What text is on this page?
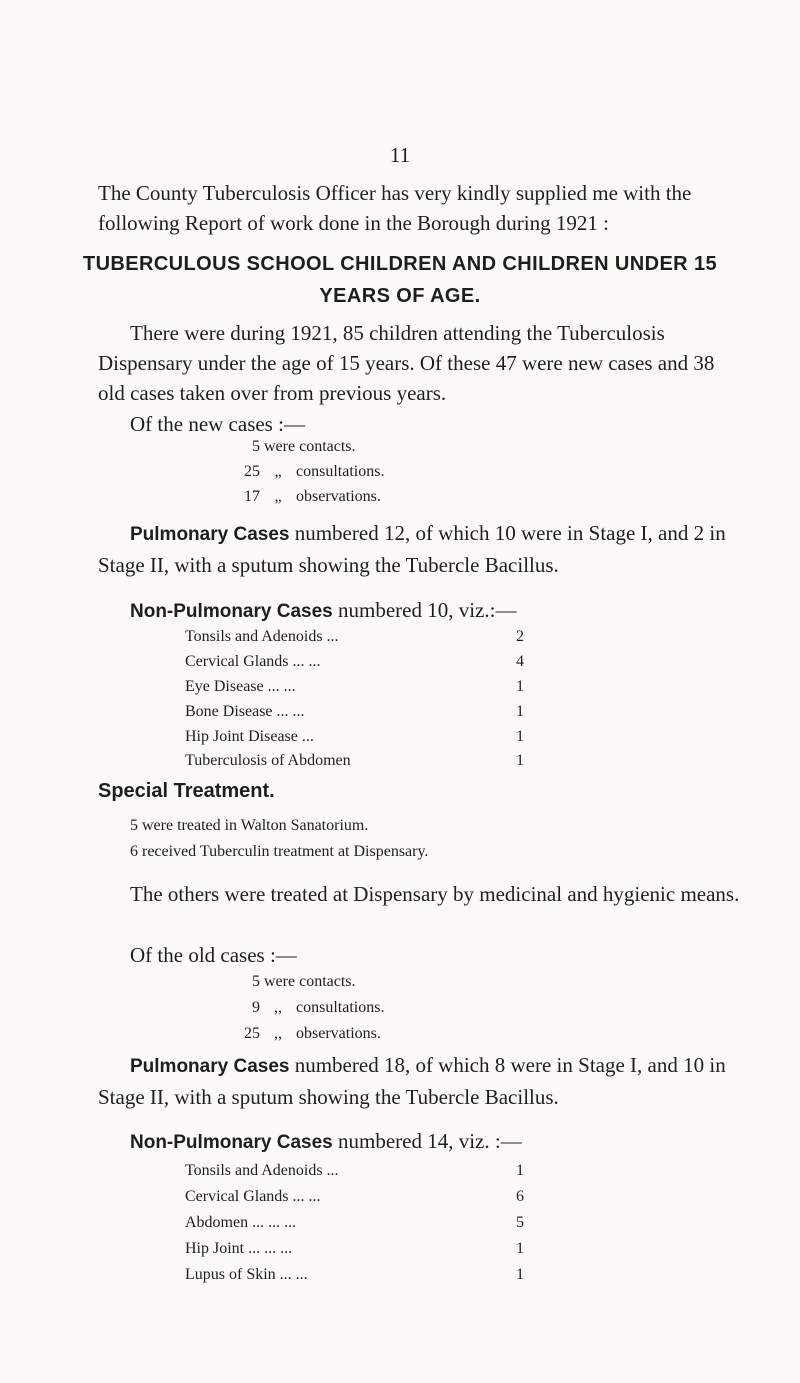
11
The County Tuberculosis Officer has very kindly supplied me with the following Report of work done in the Borough during 1921 :
TUBERCULOUS SCHOOL CHILDREN AND CHILDREN UNDER 15 YEARS OF AGE.
There were during 1921, 85 children attending the Tuberculosis Dispensary under the age of 15 years. Of these 47 were new cases and 38 old cases taken over from previous years.
Of the new cases :—
5 were contacts.
25 „ consultations.
17 „ observations.
Pulmonary Cases numbered 12, of which 10 were in Stage I, and 2 in Stage II, with a sputum showing the Tubercle Bacillus.
Non-Pulmonary Cases numbered 10, viz.:—
Tonsils and Adenoids ...	2
Cervical Glands ... ...	4
Eye Disease ... ...	1
Bone Disease ... ...	1
Hip Joint Disease ...	1
Tuberculosis of Abdomen	1
Special Treatment.
5 were treated in Walton Sanatorium.
6 received Tuberculin treatment at Dispensary.
The others were treated at Dispensary by medicinal and hygienic means.
Of the old cases :—
5 were contacts.
9 ,, consultations.
25 ,, observations.
Pulmonary Cases numbered 18, of which 8 were in Stage I, and 10 in Stage II, with a sputum showing the Tubercle Bacillus.
Non-Pulmonary Cases numbered 14, viz. :—
Tonsils and Adenoids ...	1
Cervical Glands ... ...	6
Abdomen ... ... ...	5
Hip Joint ... ... ...	1
Lupus of Skin ... ...	1
